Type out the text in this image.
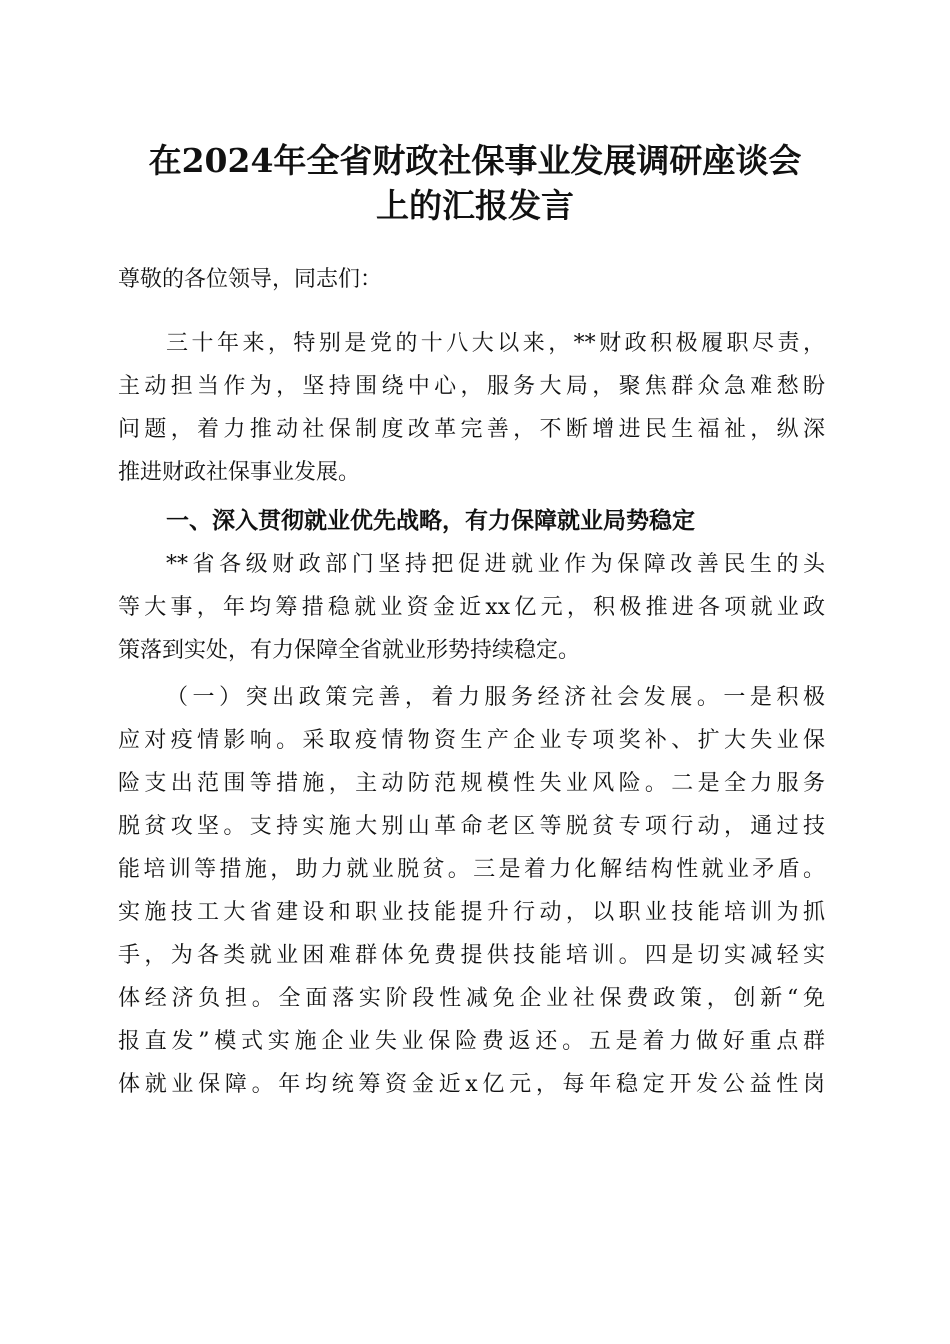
在2024年全省财政社保事业发展调研座谈会
上的汇报发言
尊敬的各位领导，同志们：
三十年来，特别是党的十八大以来，**财政积极履职尽责，
主动担当作为，坚持围绕中心，服务大局，聚焦群众急难愁盼
问题，着力推动社保制度改革完善，不断增进民生福祉，纵深
推进财政社保事业发展。
一、深入贯彻就业优先战略，有力保障就业局势稳定
**省各级财政部门坚持把促进就业作为保障改善民生的头
等大事，年均筹措稳就业资金近xx亿元，积极推进各项就业政
策落到实处，有力保障全省就业形势持续稳定。
（一）突出政策完善，着力服务经济社会发展。一是积极
应对疫情影响。采取疫情物资生产企业专项奖补、扩大失业保
险支出范围等措施，主动防范规模性失业风险。二是全力服务
脱贫攻坚。支持实施大别山革命老区等脱贫专项行动，通过技
能培训等措施，助力就业脱贫。三是着力化解结构性就业矛盾。
实施技工大省建设和职业技能提升行动，以职业技能培训为抓
手，为各类就业困难群体免费提供技能培训。四是切实减轻实
体经济负担。全面落实阶段性减免企业社保费政策，创新“免
报直发”模式实施企业失业保险费返还。五是着力做好重点群
体就业保障。年均统筹资金近x亿元，每年稳定开发公益性岗
